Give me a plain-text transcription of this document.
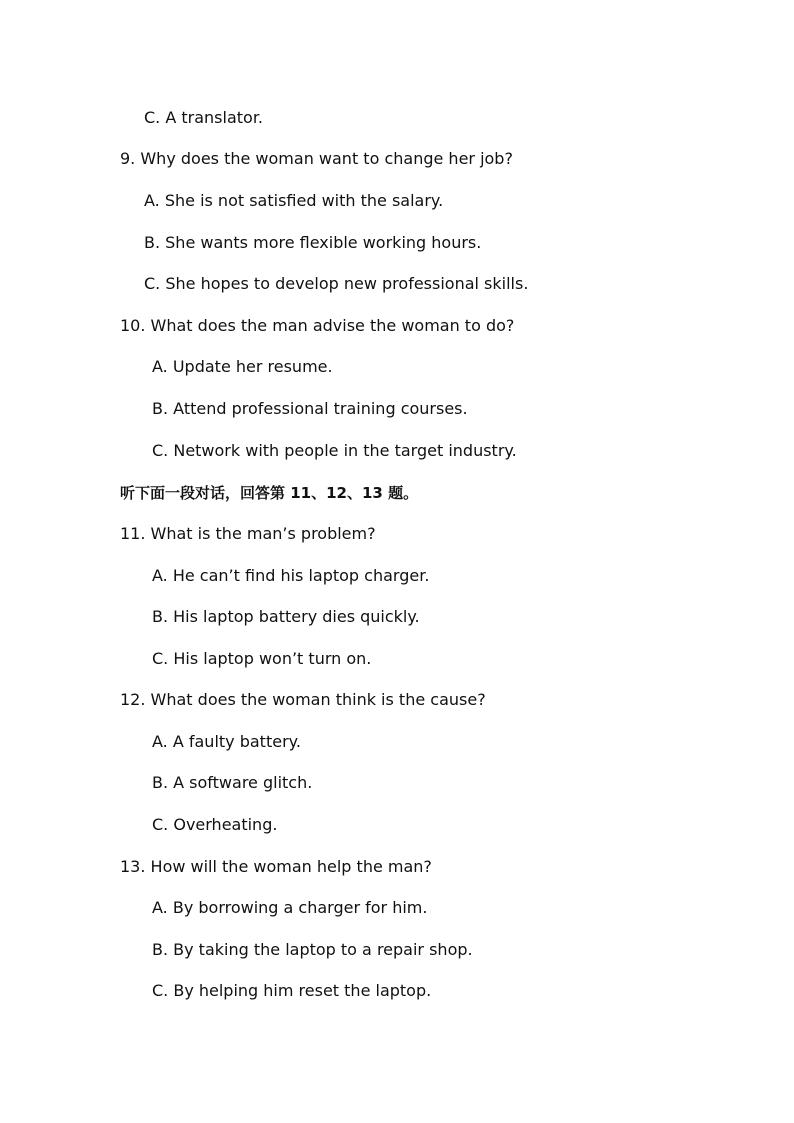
C. A translator.
9. Why does the woman want to change her job?
A. She is not satisfied with the salary.
B. She wants more flexible working hours.
C. She hopes to develop new professional skills.
10. What does the man advise the woman to do?
A. Update her resume.
B. Attend professional training courses.
C. Network with people in the target industry.
听下面一段对话，回答第 11、12、13 题。
11. What is the man’s problem?
A. He can’t find his laptop charger.
B. His laptop battery dies quickly.
C. His laptop won’t turn on.
12. What does the woman think is the cause?
A. A faulty battery.
B. A software glitch.
C. Overheating.
13. How will the woman help the man?
A. By borrowing a charger for him.
B. By taking the laptop to a repair shop.
C. By helping him reset the laptop.
